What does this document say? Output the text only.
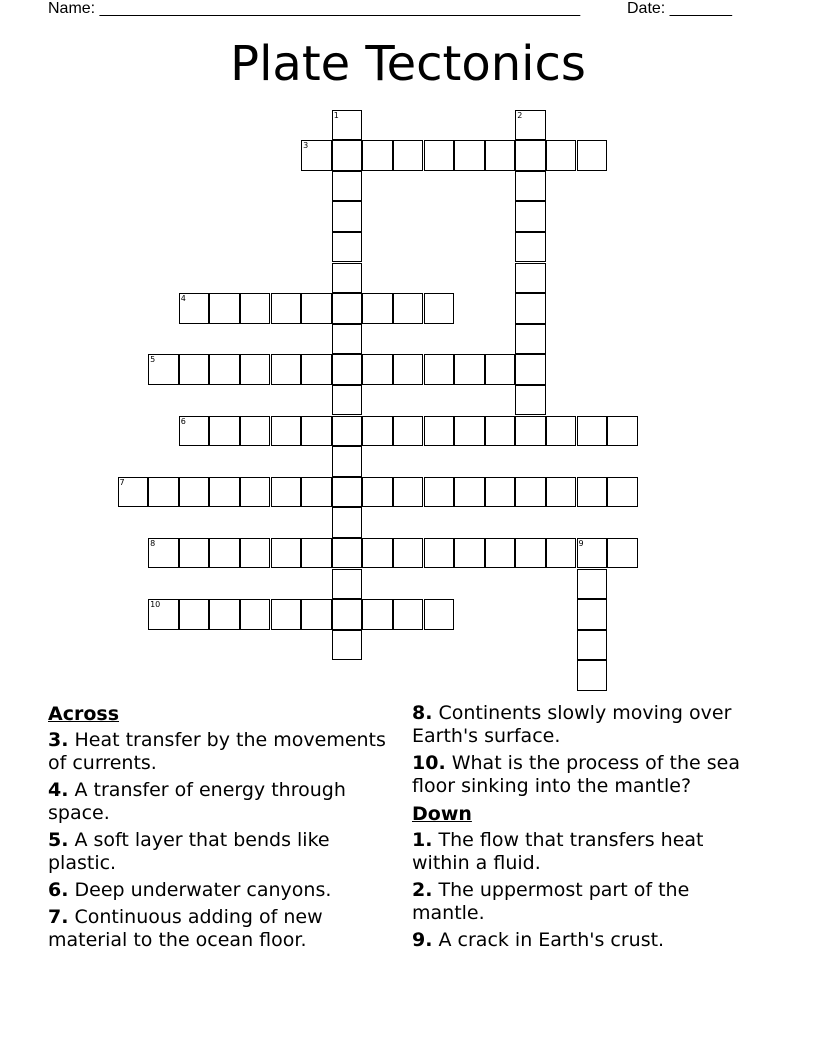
Name: ______________________________________________________	Date: _______
Plate Tectonics
1	2
3
4
5
6
7
8	9
10
Across
3. Heat transfer by the movements of currents.
4. A transfer of energy through space.
5. A soft layer that bends like plastic.
6. Deep underwater canyons.
7. Continuous adding of new material to the ocean floor.
8. Continents slowly moving over Earth's surface.
10. What is the process of the sea floor sinking into the mantle?
Down
1. The flow that transfers heat within a fluid.
2. The uppermost part of the mantle.
9. A crack in Earth's crust.
